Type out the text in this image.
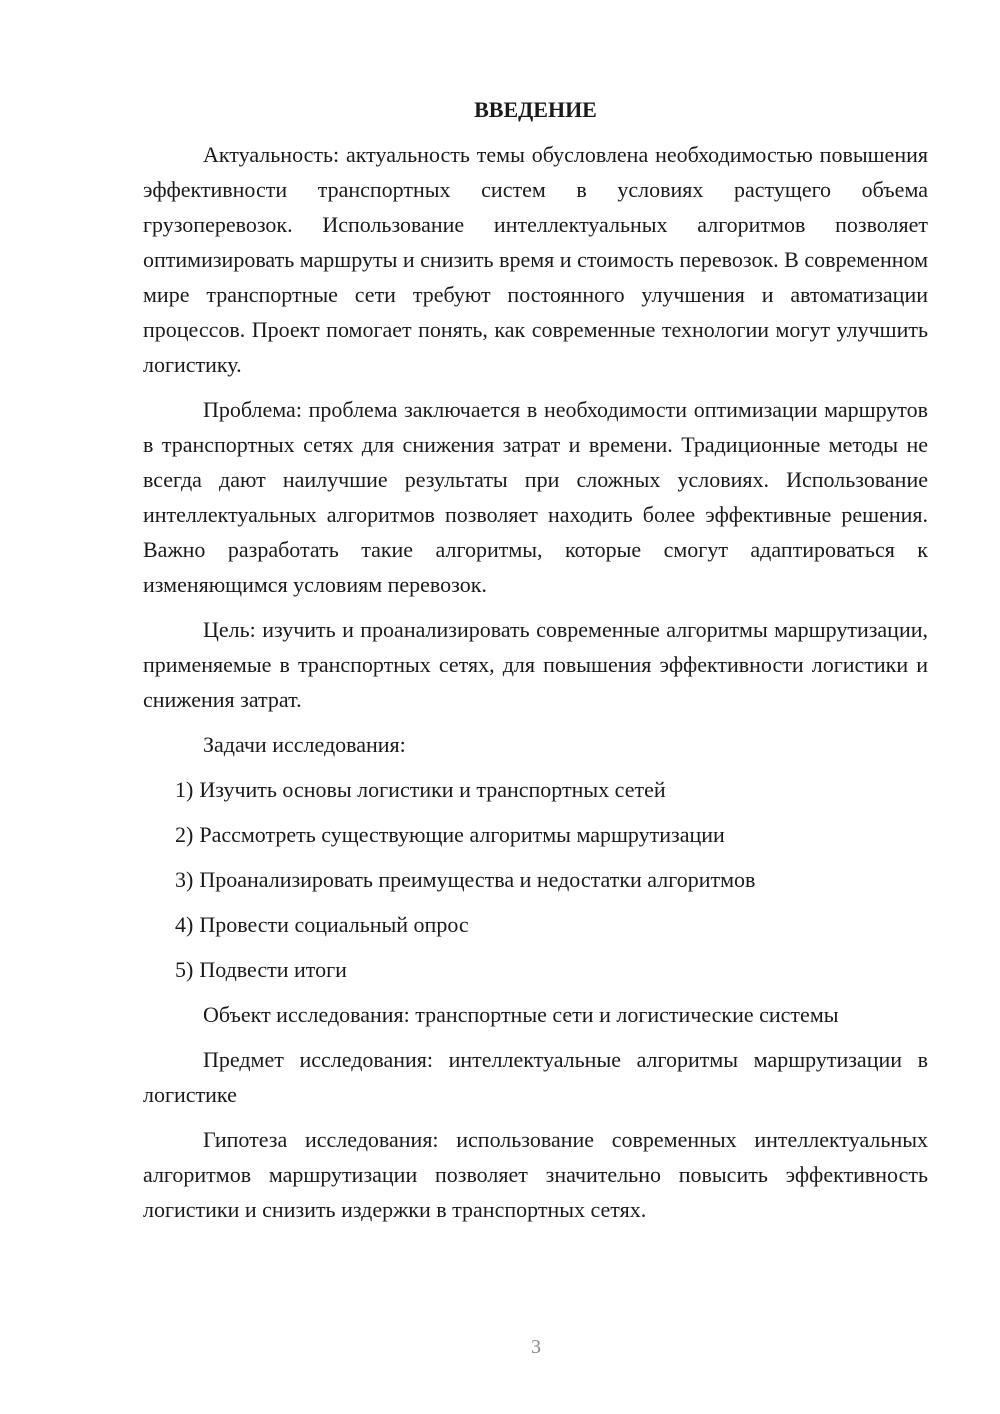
ВВЕДЕНИЕ

Актуальность: актуальность темы обусловлена необходимостью повышения эффективности транспортных систем в условиях растущего объема грузоперевозок. Использование интеллектуальных алгоритмов позволяет оптимизировать маршруты и снизить время и стоимость перевозок. В современном мире транспортные сети требуют постоянного улучшения и автоматизации процессов. Проект помогает понять, как современные технологии могут улучшить логистику.

Проблема: проблема заключается в необходимости оптимизации маршрутов в транспортных сетях для снижения затрат и времени. Традиционные методы не всегда дают наилучшие результаты при сложных условиях. Использование интеллектуальных алгоритмов позволяет находить более эффективные решения. Важно разработать такие алгоритмы, которые смогут адаптироваться к изменяющимся условиям перевозок.

Цель: изучить и проанализировать современные алгоритмы маршрутизации, применяемые в транспортных сетях, для повышения эффективности логистики и снижения затрат.

Задачи исследования:

1) Изучить основы логистики и транспортных сетей
2) Рассмотреть существующие алгоритмы маршрутизации
3) Проанализировать преимущества и недостатки алгоритмов
4) Провести социальный опрос
5) Подвести итоги

Объект исследования: транспортные сети и логистические системы

Предмет исследования: интеллектуальные алгоритмы маршрутизации в логистике

Гипотеза исследования: использование современных интеллектуальных алгоритмов маршрутизации позволяет значительно повысить эффективность логистики и снизить издержки в транспортных сетях.

3
